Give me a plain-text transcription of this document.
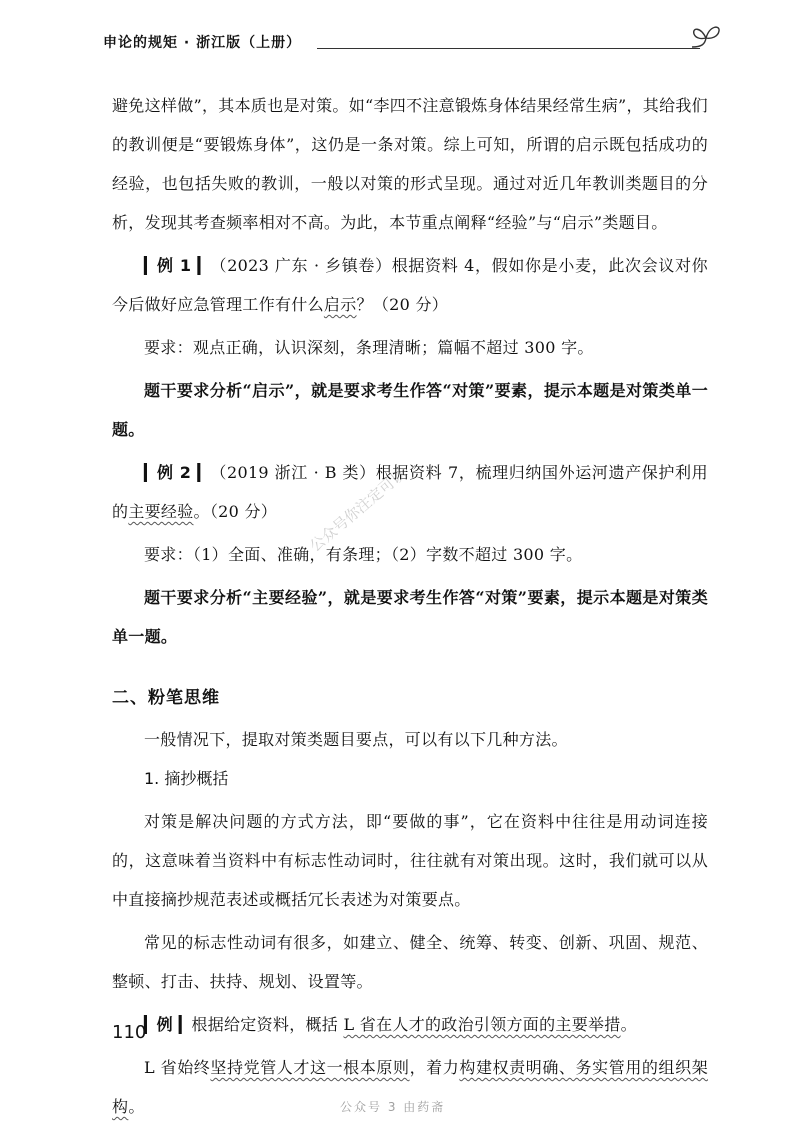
申论的规矩 · 浙江版（上册）

避免这样做”，其本质也是对策。如“李四不注意锻炼身体结果经常生病”，其给我们的教训便是“要锻炼身体”，这仍是一条对策。综上可知，所谓的启示既包括成功的经验，也包括失败的教训，一般以对策的形式呈现。通过对近几年教训类题目的分析，发现其考查频率相对不高。为此，本节重点阐释“经验”与“启示”类题目。

▎例 1 ▎（2023 广东 · 乡镇卷）根据资料 4，假如你是小麦，此次会议对你今后做好应急管理工作有什么启示？（20 分）

要求：观点正确，认识深刻，条理清晰；篇幅不超过 300 字。

题干要求分析“启示”，就是要求考生作答“对策”要素，提示本题是对策类单一题。

▎例 2 ▎（2019 浙江 · B 类）根据资料 7，梳理归纳国外运河遗产保护利用的主要经验。（20 分）

要求：（1）全面、准确，有条理；（2）字数不超过 300 字。

题干要求分析“主要经验”，就是要求考生作答“对策”要素，提示本题是对策类单一题。

二、粉笔思维

一般情况下，提取对策类题目要点，可以有以下几种方法。

1. 摘抄概括

对策是解决问题的方式方法，即“要做的事”，它在资料中往往是用动词连接的，这意味着当资料中有标志性动词时，往往就有对策出现。这时，我们就可以从中直接摘抄规范表述或概括冗长表述为对策要点。

常见的标志性动词有很多，如建立、健全、统筹、转变、创新、巩固、规范、整顿、打击、扶持、规划、设置等。

▎例 ▎根据给定资料，概括 L 省在人才的政治引领方面的主要举措。

L 省始终坚持党管人才这一根本原则，着力构建权责明确、务实管用的组织架构。

公众号你注定可以
110
公众号 3 由药斋
